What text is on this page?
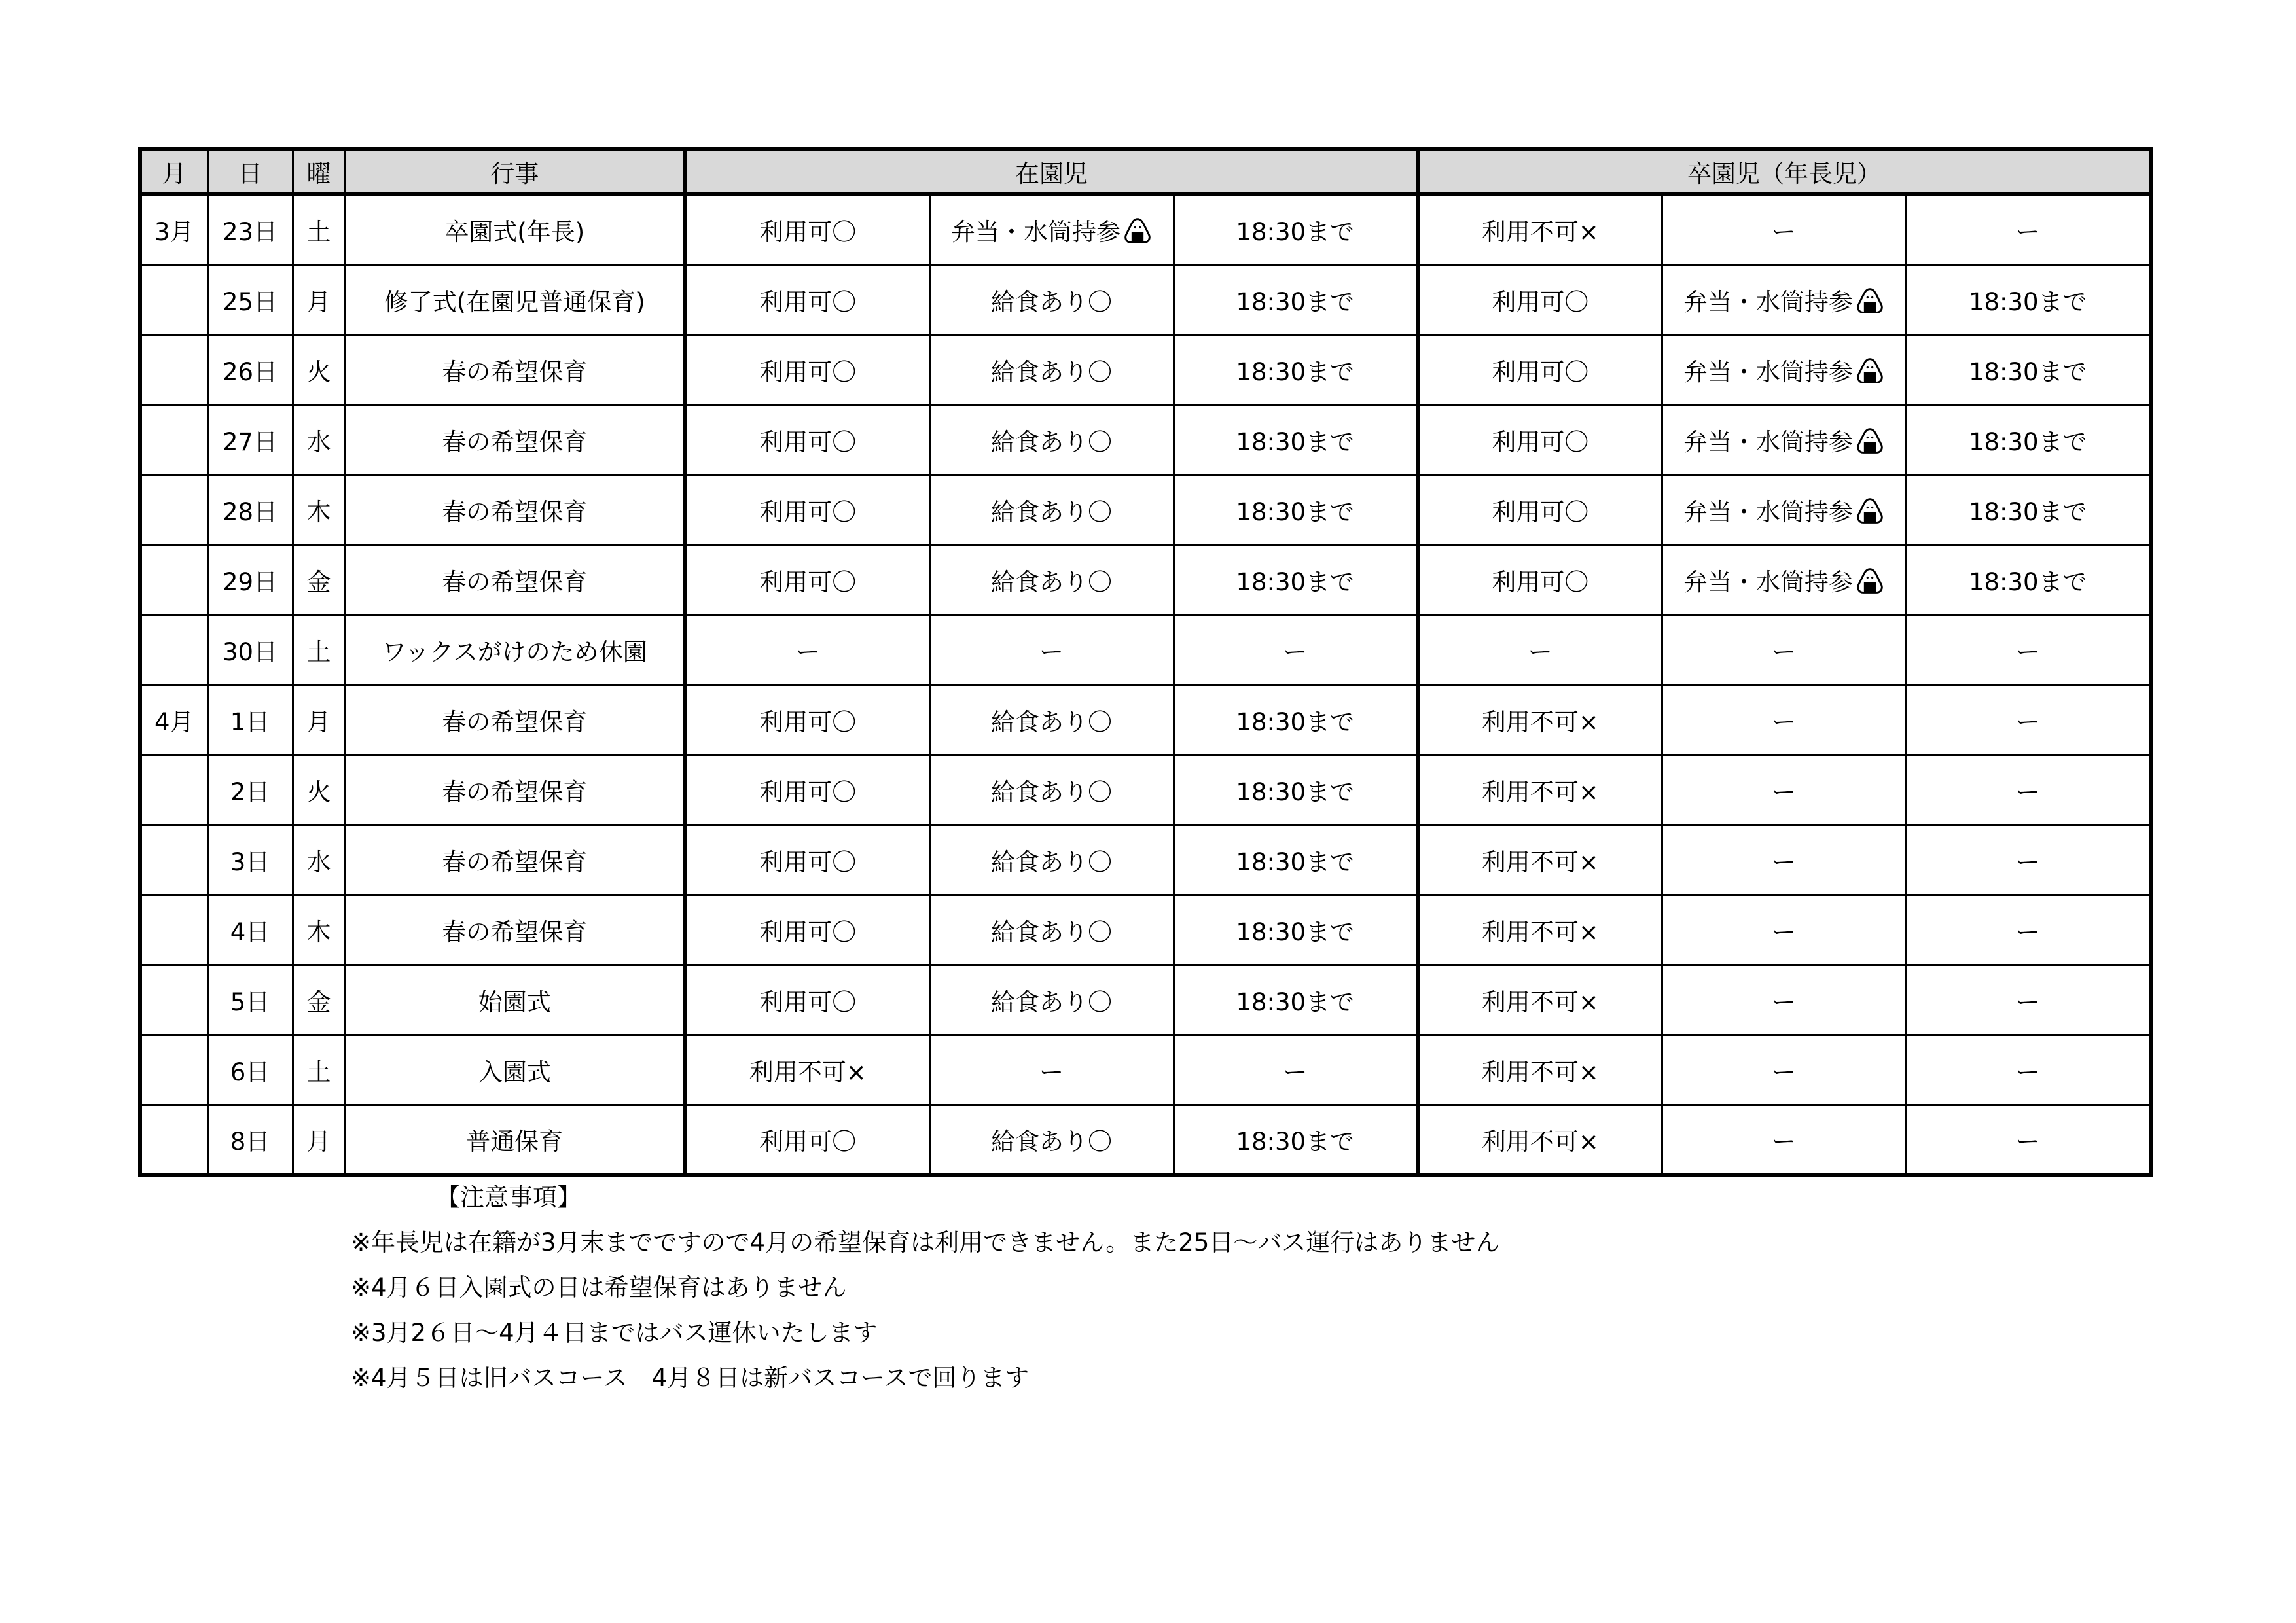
月	日	曜	行事	在園児			卒園児（年長児）		
3月	23日	土	卒園式(年長)	利用可〇	弁当・水筒持参	18:30まで	利用不可×	ー	ー
	25日	月	修了式(在園児普通保育)	利用可〇	給食あり〇	18:30まで	利用可〇	弁当・水筒持参	18:30まで
	26日	火	春の希望保育	利用可〇	給食あり〇	18:30まで	利用可〇	弁当・水筒持参	18:30まで
	27日	水	春の希望保育	利用可〇	給食あり〇	18:30まで	利用可〇	弁当・水筒持参	18:30まで
	28日	木	春の希望保育	利用可〇	給食あり〇	18:30まで	利用可〇	弁当・水筒持参	18:30まで
	29日	金	春の希望保育	利用可〇	給食あり〇	18:30まで	利用可〇	弁当・水筒持参	18:30まで
	30日	土	ワックスがけのため休園	ー	ー	ー	ー	ー	ー
4月	1日	月	春の希望保育	利用可〇	給食あり〇	18:30まで	利用不可×	ー	ー
	2日	火	春の希望保育	利用可〇	給食あり〇	18:30まで	利用不可×	ー	ー
	3日	水	春の希望保育	利用可〇	給食あり〇	18:30まで	利用不可×	ー	ー
	4日	木	春の希望保育	利用可〇	給食あり〇	18:30まで	利用不可×	ー	ー
	5日	金	始園式	利用可〇	給食あり〇	18:30まで	利用不可×	ー	ー
	6日	土	入園式	利用不可×	ー	ー	利用不可×	ー	ー
	8日	月	普通保育	利用可〇	給食あり〇	18:30まで	利用不可×	ー	ー

【注意事項】

※年長児は在籍が3月末までですので4月の希望保育は利用できません。また25日〜バス運行はありません

※4月６日入園式の日は希望保育はありません

※3月2６日〜4月４日まではバス運休いたします

※4月５日は旧バスコース　4月８日は新バスコースで回ります
